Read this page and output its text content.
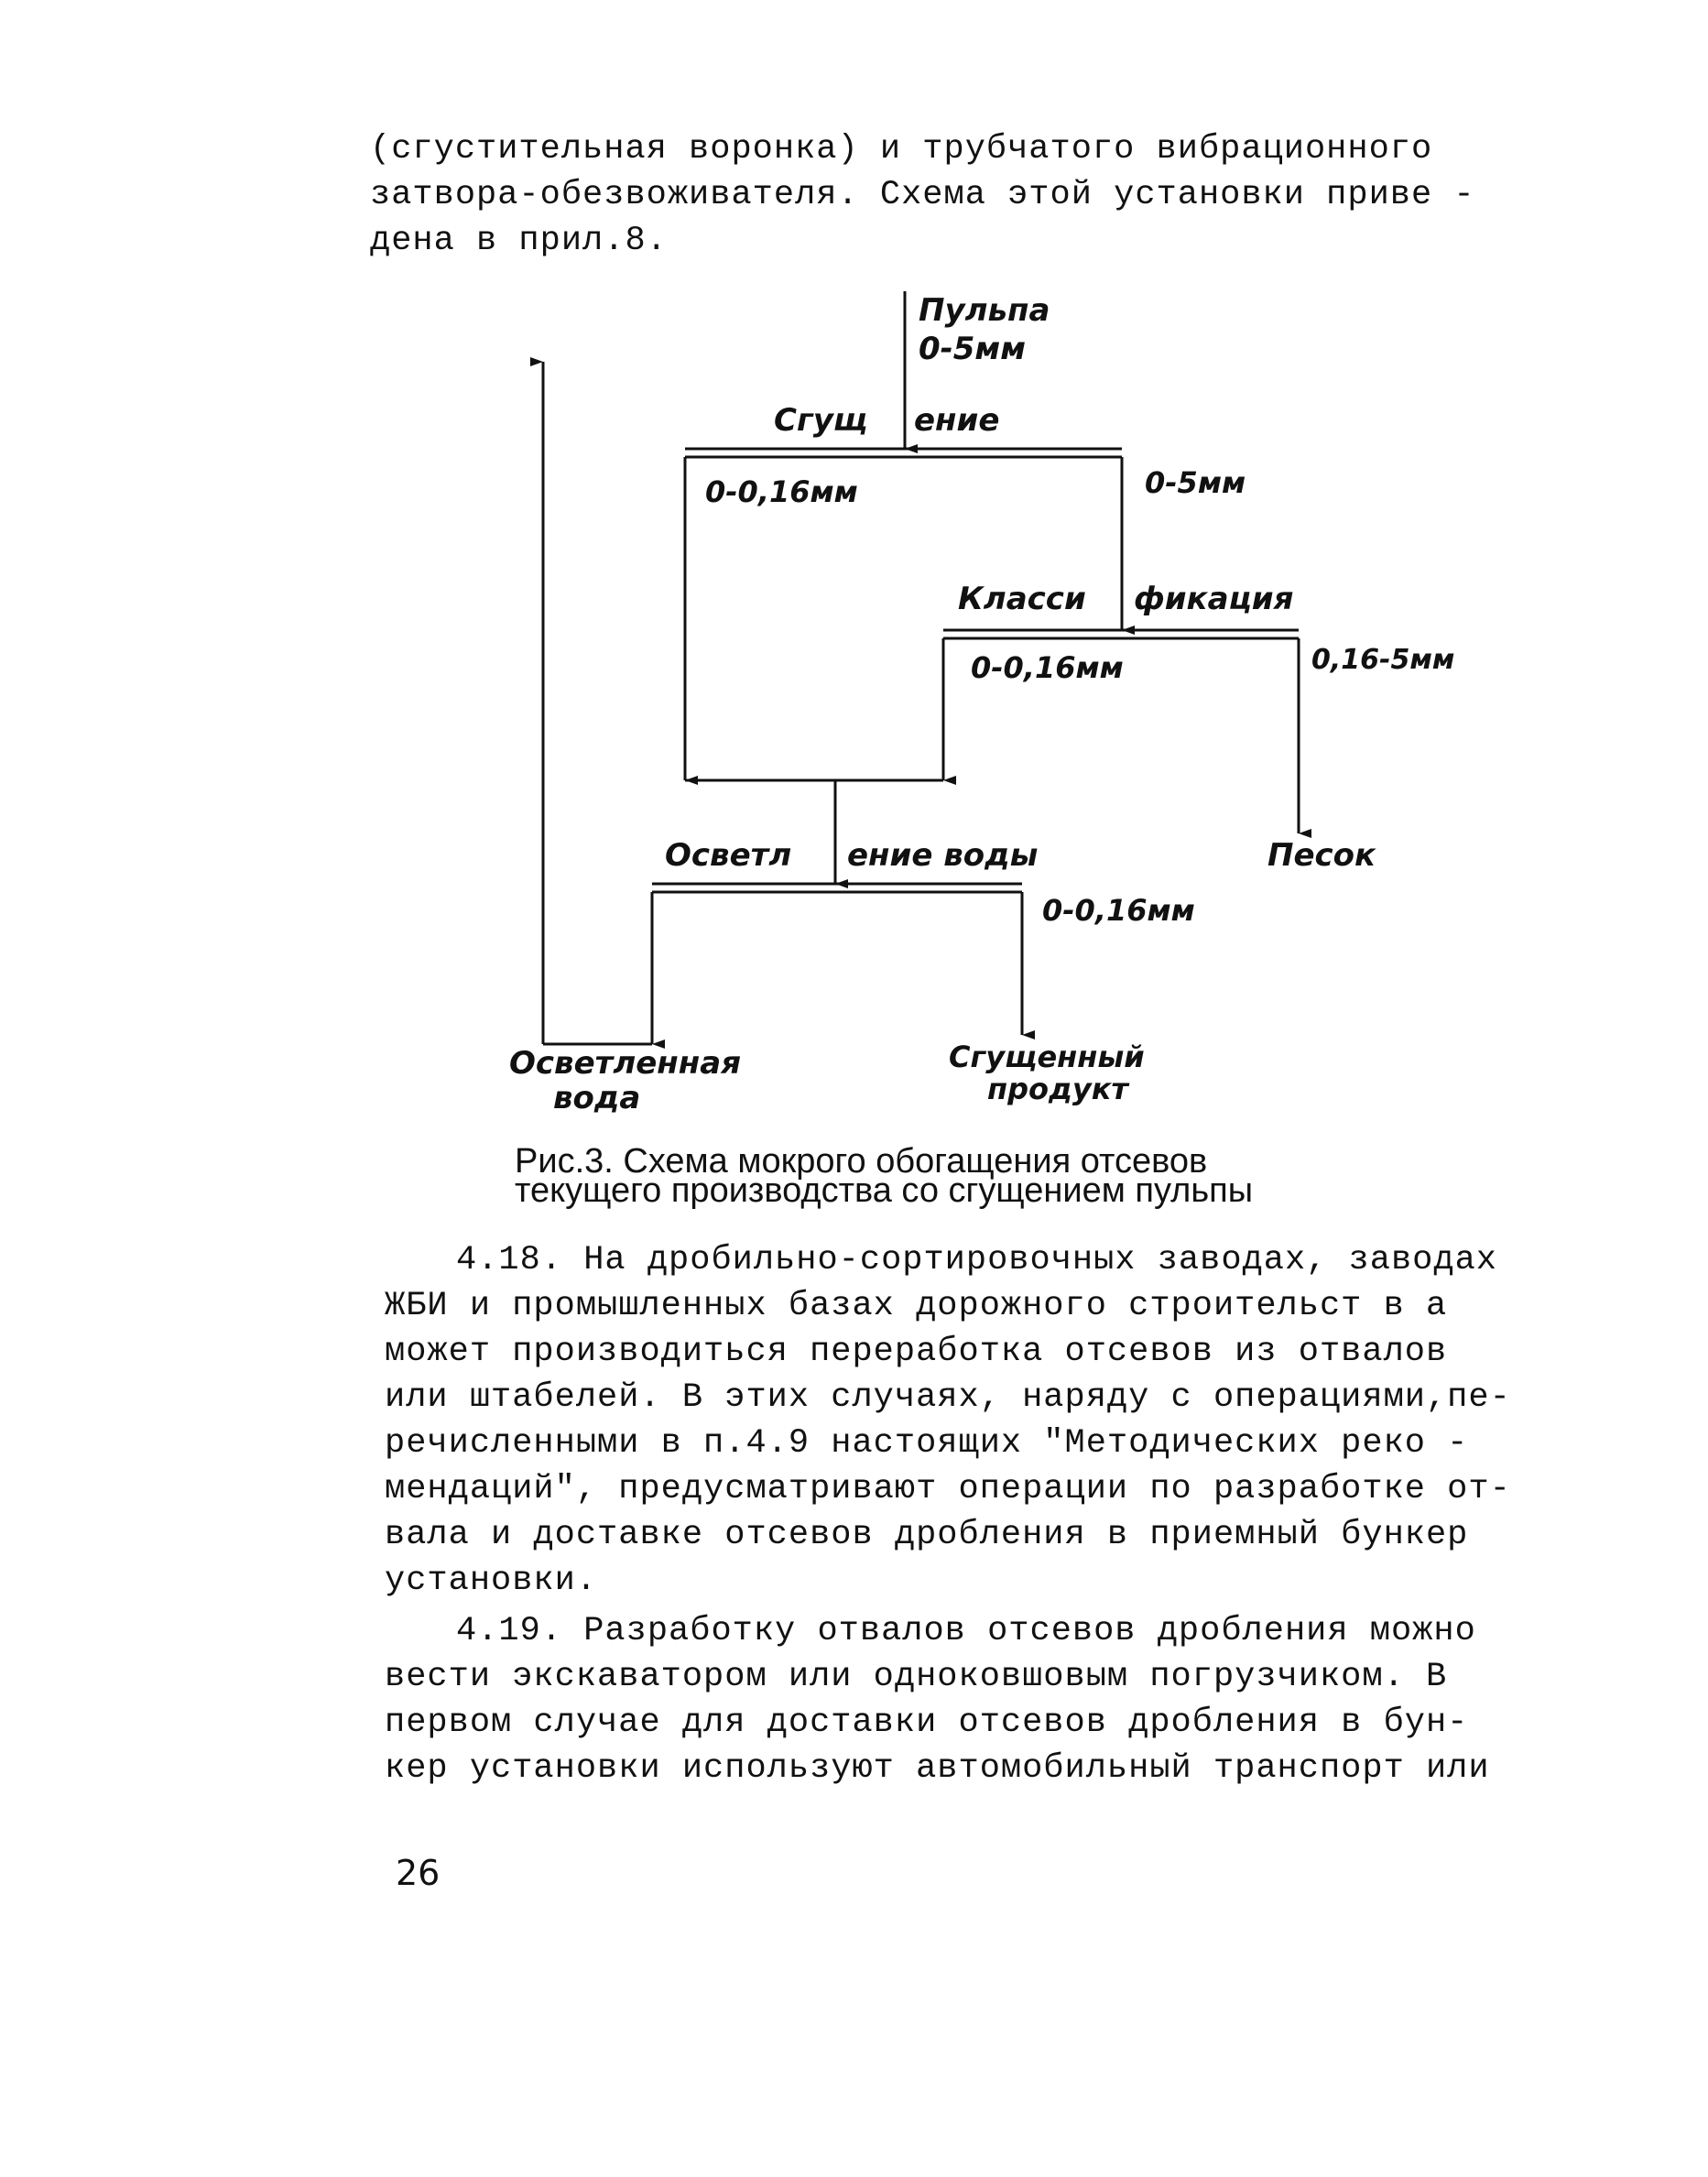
(сгустительная воронка) и трубчатого вибрационного
затвора-обезвоживателя. Схема этой установки приве -
дена в прил.8.
Пульпа
0-5мм
Сгущ ение
0-0,16мм	0-5мм
Класси фикация
0-0,16мм	0,16-5мм
Осветл ение воды
0-0,16мм
Песок
Осветленная
вода
Сгущенный
продукт
Рис.3. Схема мокрого обогащения отсевов
текущего производства со сгущением пульпы
4.18. На дробильно-сортировочных заводах, заводах
ЖБИ и промышленных базах дорожного строительст в а
может производиться переработка отсевов из отвалов
или штабелей. В этих случаях, наряду с операциями,пе-
речисленными в п.4.9 настоящих "Методических реко -
мендаций", предусматривают операции по разработке от-
вала и доставке отсевов дробления в приемный бункер
установки.
4.19. Разработку отвалов отсевов дробления можно
вести экскаватором или одноковшовым погрузчиком. В
первом случае для доставки отсевов дробления в бун-
кер установки используют автомобильный транспорт или
26
